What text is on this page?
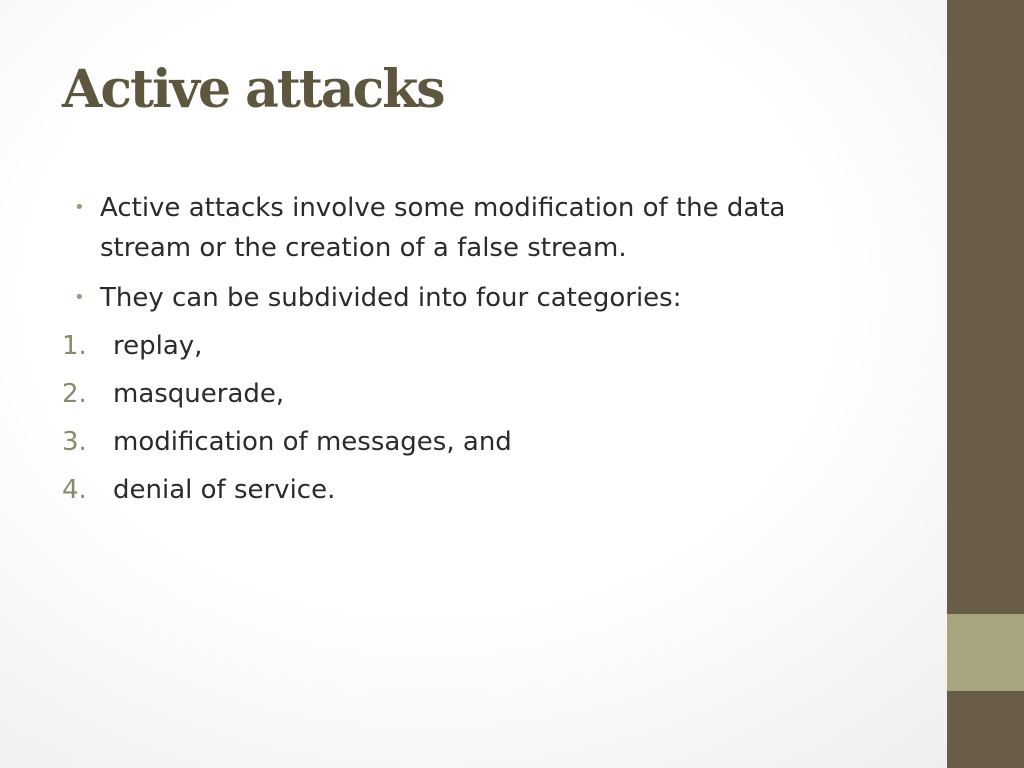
Active attacks
• Active attacks involve some modification of the data stream or the creation of a false stream.
• They can be subdivided into four categories:
1. replay,
2. masquerade,
3. modification of messages, and
4. denial of service.
